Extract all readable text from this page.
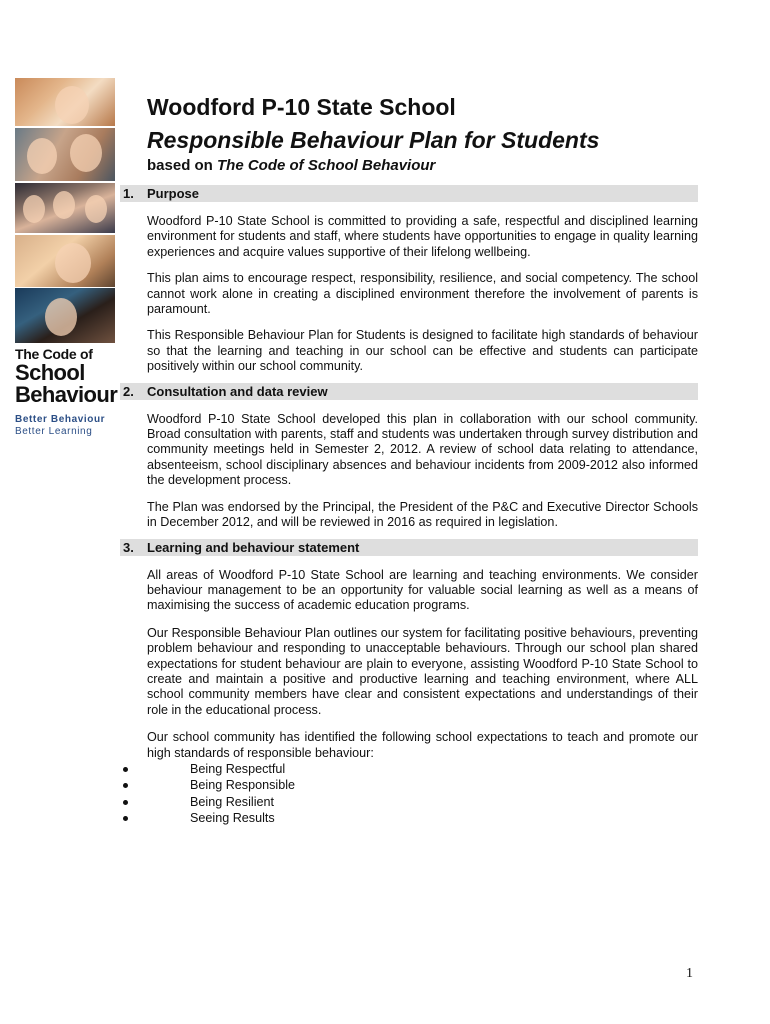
The Code of
School
Behaviour
Better Behaviour
Better Learning
Woodford P-10 State School
Responsible Behaviour Plan for Students
based on The Code of School Behaviour
1.	Purpose

Woodford P-10 State School is committed to providing a safe, respectful and disciplined learning environment for students and staff, where students have opportunities to engage in quality learning experiences and acquire values supportive of their lifelong wellbeing.

This plan aims to encourage respect, responsibility, resilience, and social competency. The school cannot work alone in creating a disciplined environment therefore the involvement of parents is paramount.

This Responsible Behaviour Plan for Students is designed to facilitate high standards of behaviour so that the learning and teaching in our school can be effective and students can participate positively within our school community.

2.	Consultation and data review

Woodford P-10 State School developed this plan in collaboration with our school community. Broad consultation with parents, staff and students was undertaken through survey distribution and community meetings held in Semester 2, 2012. A review of school data relating to attendance, absenteeism, school disciplinary absences and behaviour incidents from 2009-2012 also informed the development process.

The Plan was endorsed by the Principal, the President of the P&C and Executive Director Schools in December 2012, and will be reviewed in 2016 as required in legislation.

3.	Learning and behaviour statement

All areas of Woodford P-10 State School are learning and teaching environments. We consider behaviour management to be an opportunity for valuable social learning as well as a means of maximising the success of academic education programs.

Our Responsible Behaviour Plan outlines our system for facilitating positive behaviours, preventing problem behaviour and responding to unacceptable behaviours. Through our school plan shared expectations for student behaviour are plain to everyone, assisting Woodford P-10 State School to create and maintain a positive and productive learning and teaching environment, where ALL school community members have clear and consistent expectations and understandings of their role in the educational process.

Our school community has identified the following school expectations to teach and promote our high standards of responsible behaviour:

Being Respectful
Being Responsible
Being Resilient
Seeing Results
1
